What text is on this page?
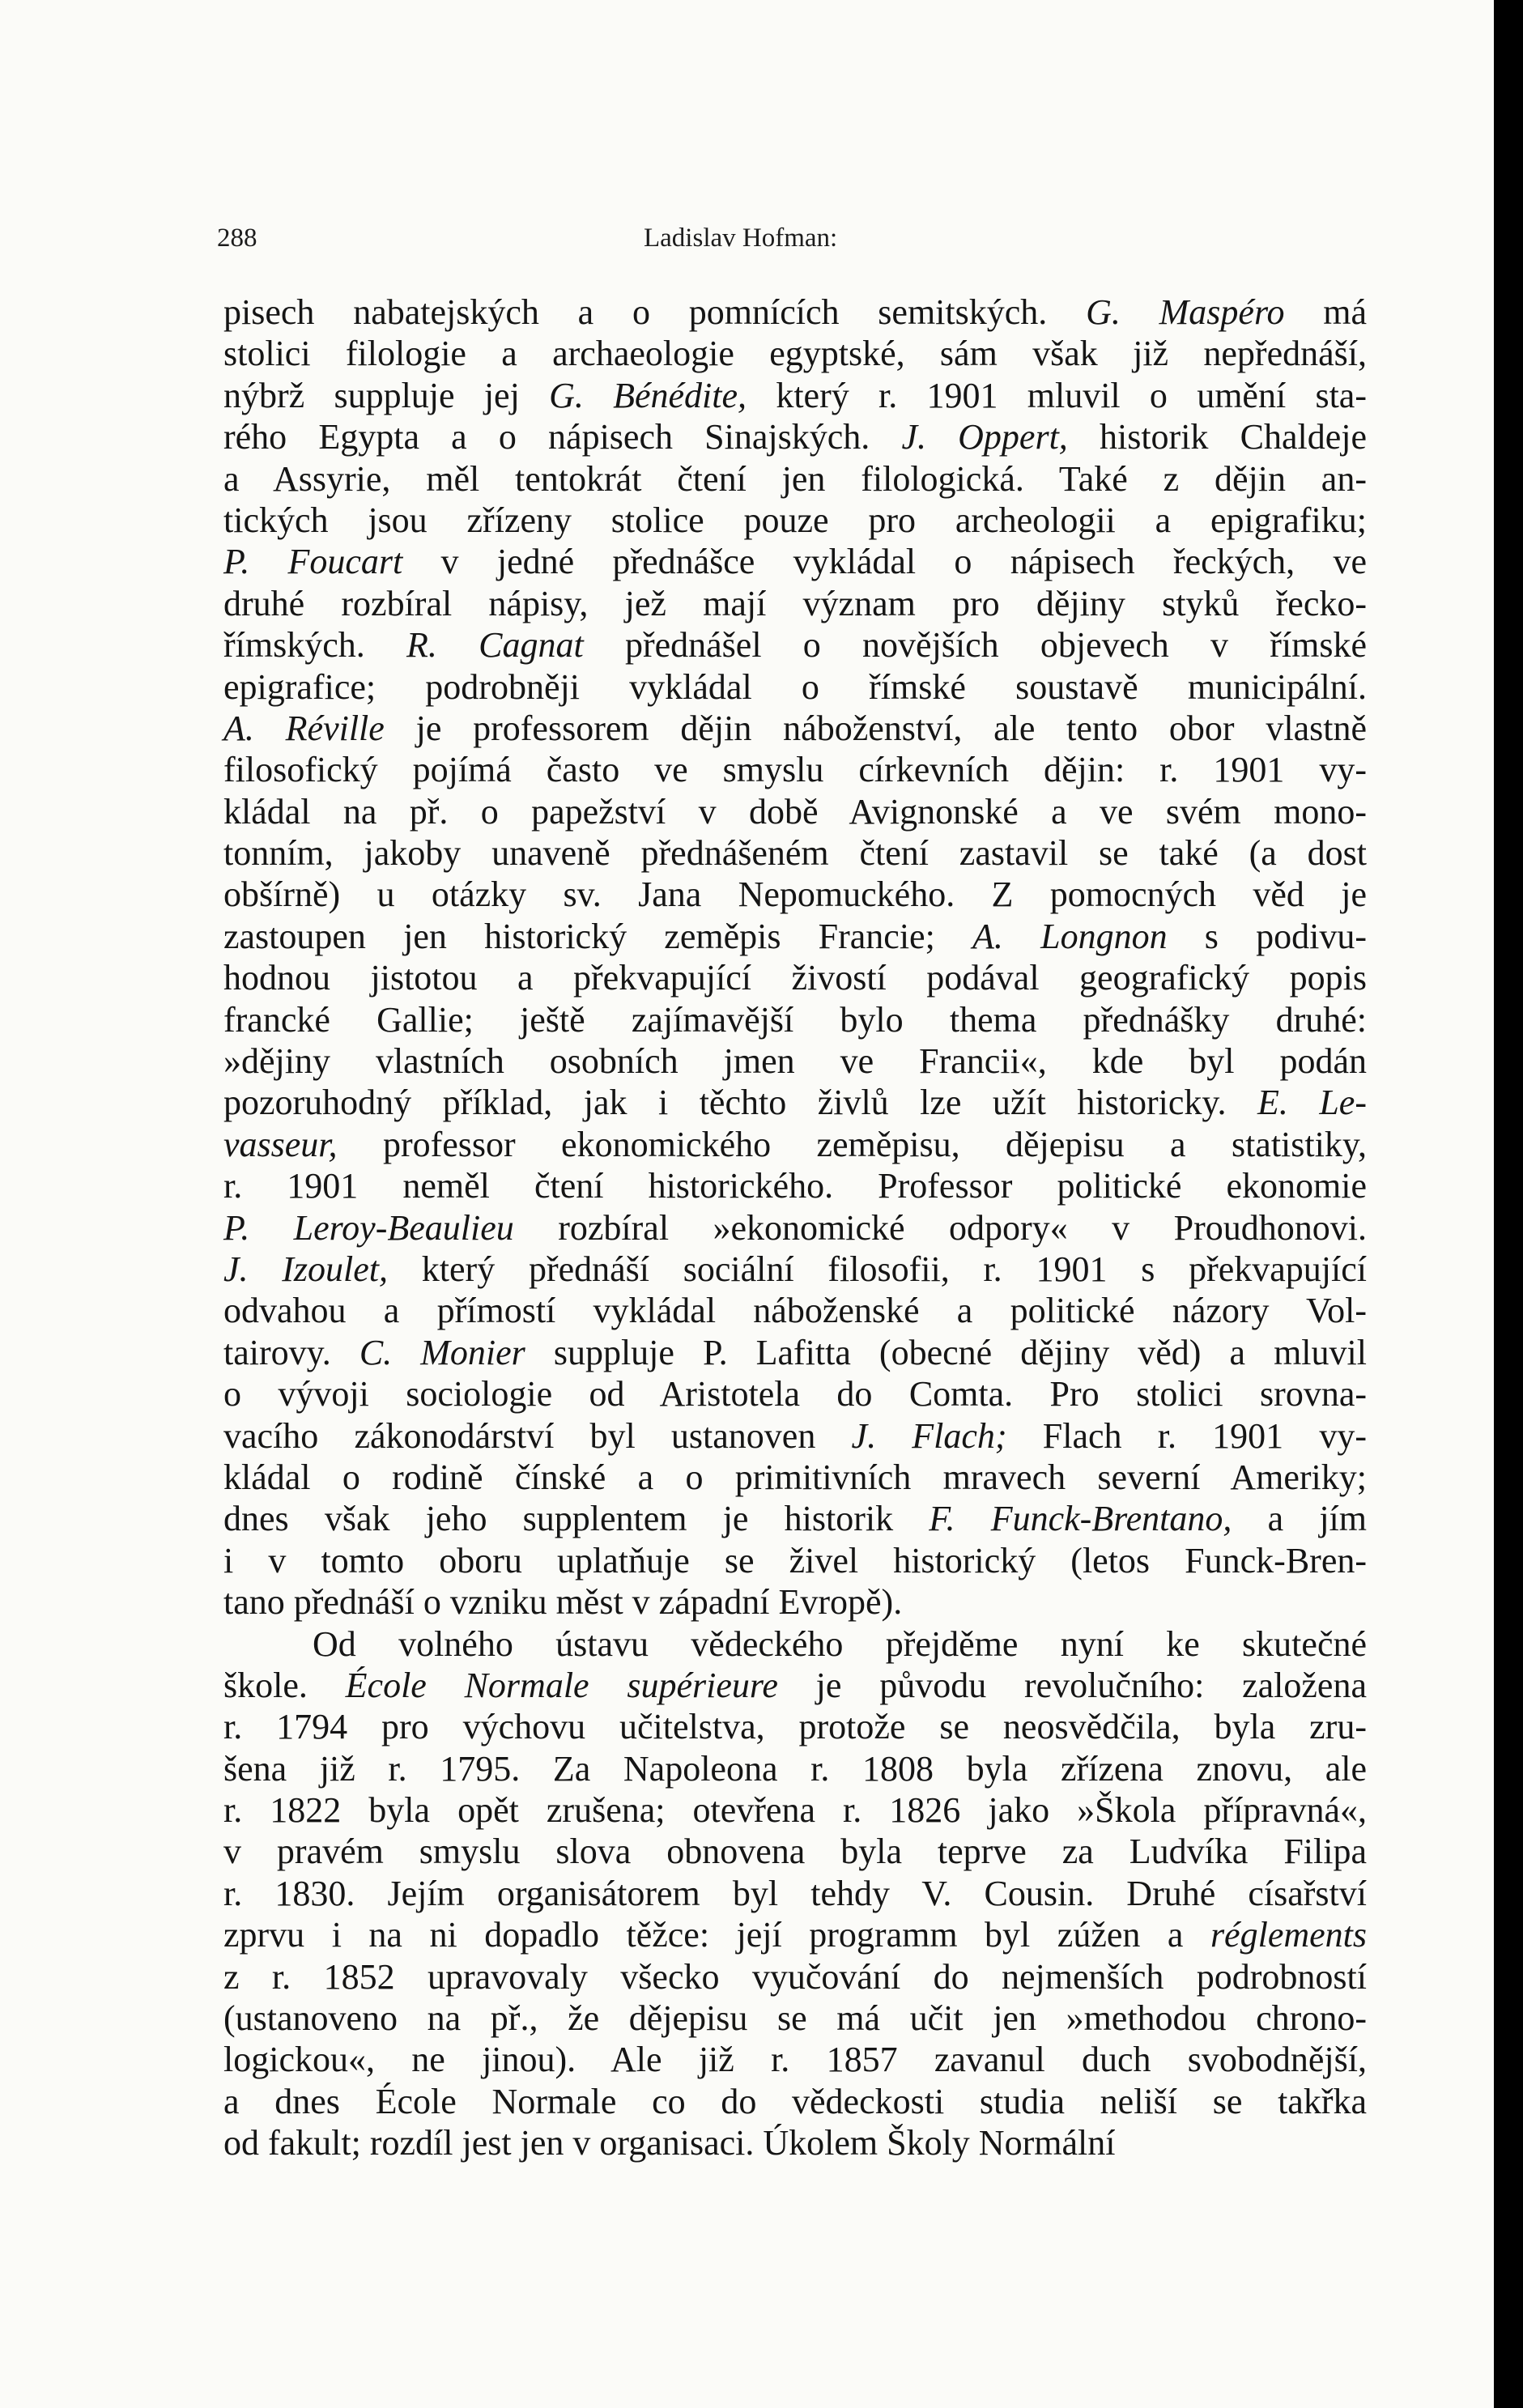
288	Ladislav Hofman:
pisech nabatejských a o pomnících semitských. G. Maspéro má
stolici filologie a archaeologie egyptské, sám však již nepřednáší,
nýbrž suppluje jej G. Bénédite, který r. 1901 mluvil o umění sta-
rého Egypta a o nápisech Sinajských. J. Oppert, historik Chaldeje
a Assyrie, měl tentokrát čtení jen filologická. Také z dějin an-
tických jsou zřízeny stolice pouze pro archeologii a epigrafiku;
P. Foucart v jedné přednášce vykládal o nápisech řeckých, ve
druhé rozbíral nápisy, jež mají význam pro dějiny styků řecko-
římských. R. Cagnat přednášel o novějších objevech v římské
epigrafice; podrobněji vykládal o římské soustavě municipální.
A. Réville je professorem dějin náboženství, ale tento obor vlastně
filosofický pojímá často ve smyslu církevních dějin: r. 1901 vy-
kládal na př. o papežství v době Avignonské a ve svém mono-
tonním, jakoby unaveně přednášeném čtení zastavil se také (a dost
obšírně) u otázky sv. Jana Nepomuckého. Z pomocných věd je
zastoupen jen historický zeměpis Francie; A. Longnon s podivu-
hodnou jistotou a překvapující živostí podával geografický popis
francké Gallie; ještě zajímavější bylo thema přednášky druhé:
»dějiny vlastních osobních jmen ve Francii«, kde byl podán
pozoruhodný příklad, jak i těchto živlů lze užít historicky. E. Le-
vasseur, professor ekonomického zeměpisu, dějepisu a statistiky,
r. 1901 neměl čtení historického. Professor politické ekonomie
P. Leroy-Beaulieu rozbíral »ekonomické odpory« v Proudhonovi.
J. Izoulet, který přednáší sociální filosofii, r. 1901 s překvapující
odvahou a přímostí vykládal náboženské a politické názory Vol-
tairovy. C. Monier suppluje P. Lafitta (obecné dějiny věd) a mluvil
o vývoji sociologie od Aristotela do Comta. Pro stolici srovna-
vacího zákonodárství byl ustanoven J. Flach; Flach r. 1901 vy-
kládal o rodině čínské a o primitivních mravech severní Ameriky;
dnes však jeho supplentem je historik F. Funck-Brentano, a jím
i v tomto oboru uplatňuje se živel historický (letos Funck-Bren-
tano přednáší o vzniku měst v západní Evropě).
Od volného ústavu vědeckého přejděme nyní ke skutečné
škole. École Normale supérieure je původu revolučního: založena
r. 1794 pro výchovu učitelstva, protože se neosvědčila, byla zru-
šena již r. 1795. Za Napoleona r. 1808 byla zřízena znovu, ale
r. 1822 byla opět zrušena; otevřena r. 1826 jako »Škola přípravná«,
v pravém smyslu slova obnovena byla teprve za Ludvíka Filipa
r. 1830. Jejím organisátorem byl tehdy V. Cousin. Druhé císařství
zprvu i na ni dopadlo těžce: její programm byl zúžen a réglements
z r. 1852 upravovaly všecko vyučování do nejmenších podrobností
(ustanoveno na př., že dějepisu se má učit jen »methodou chrono-
logickou«, ne jinou). Ale již r. 1857 zavanul duch svobodnější,
a dnes École Normale co do vědeckosti studia neliší se takřka
od fakult; rozdíl jest jen v organisaci. Úkolem Školy Normální
